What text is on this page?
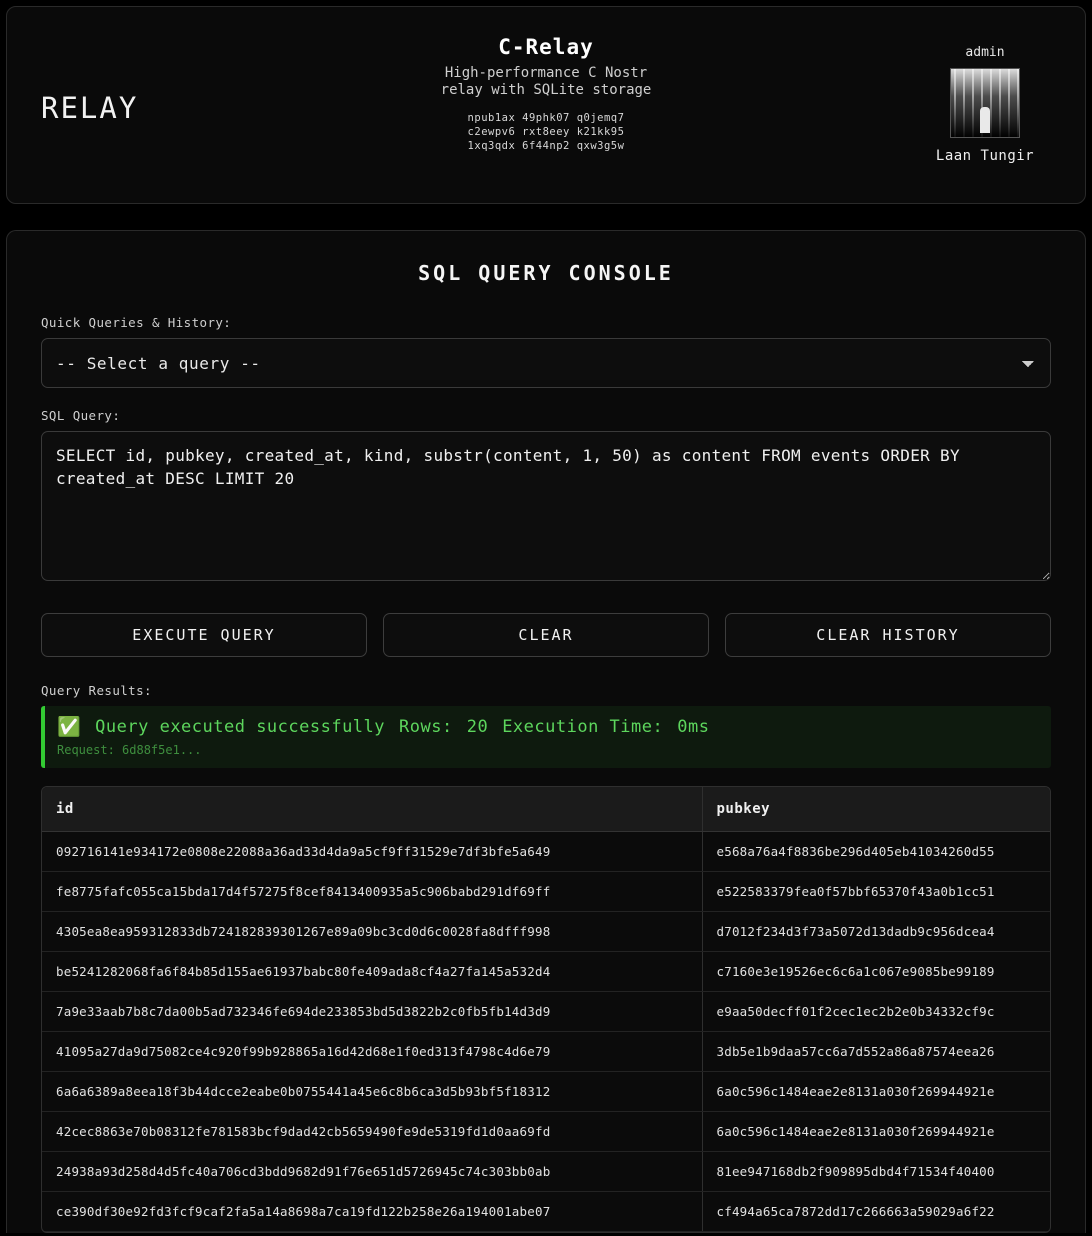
RELAY
C-Relay
High-performance C Nostr relay with SQLite storage
npub1ax 49phk07 q0jemq7
c2ewpv6 rxt8eey k21kk95
1xq3qdx 6f44np2 qxw3g5w
admin
Laan Tungir
SQL QUERY CONSOLE
Quick Queries & History:
-- Select a query --
SQL Query:
SELECT id, pubkey, created_at, kind, substr(content, 1, 50) as content FROM events ORDER BY created_at DESC LIMIT 20
EXECUTE QUERY	CLEAR	CLEAR HISTORY
Query Results:
✅ Query executed successfully Rows: 20 Execution Time: 0ms
Request: 6d88f5e1...
id	pubkey
092716141e934172e0808e22088a36ad33d4da9a5cf9ff31529e7df3bfe5a649	e568a76a4f8836be296d405eb41034260d55
fe8775fafc055ca15bda17d4f57275f8cef8413400935a5c906babd291df69ff	e522583379fea0f57bbf65370f43a0b1cc51
4305ea8ea959312833db724182839301267e89a09bc3cd0d6c0028fa8dfff998	d7012f234d3f73a5072d13dadb9c956dcea4
be5241282068fa6f84b85d155ae61937babc80fe409ada8cf4a27fa145a532d4	c7160e3e19526ec6c6a1c067e9085be99189
7a9e33aab7b8c7da00b5ad732346fe694de233853bd5d3822b2c0fb5fb14d3d9	e9aa50decff01f2cec1ec2b2e0b34332cf9c
41095a27da9d75082ce4c920f99b928865a16d42d68e1f0ed313f4798c4d6e79	3db5e1b9daa57cc6a7d552a86a87574eea26
6a6a6389a8eea18f3b44dcce2eabe0b0755441a45e6c8b6ca3d5b93bf5f18312	6a0c596c1484eae2e8131a030f269944921e
42cec8863e70b08312fe781583bcf9dad42cb5659490fe9de5319fd1d0aa69fd	6a0c596c1484eae2e8131a030f269944921e
24938a93d258d4d5fc40a706cd3bdd9682d91f76e651d5726945c74c303bb0ab	81ee947168db2f909895dbd4f71534f40400
ce390df30e92fd3fcf9caf2fa5a14a8698a7ca19fd122b258e26a194001abe07	cf494a65ca7872dd17c266663a59029a6f22
